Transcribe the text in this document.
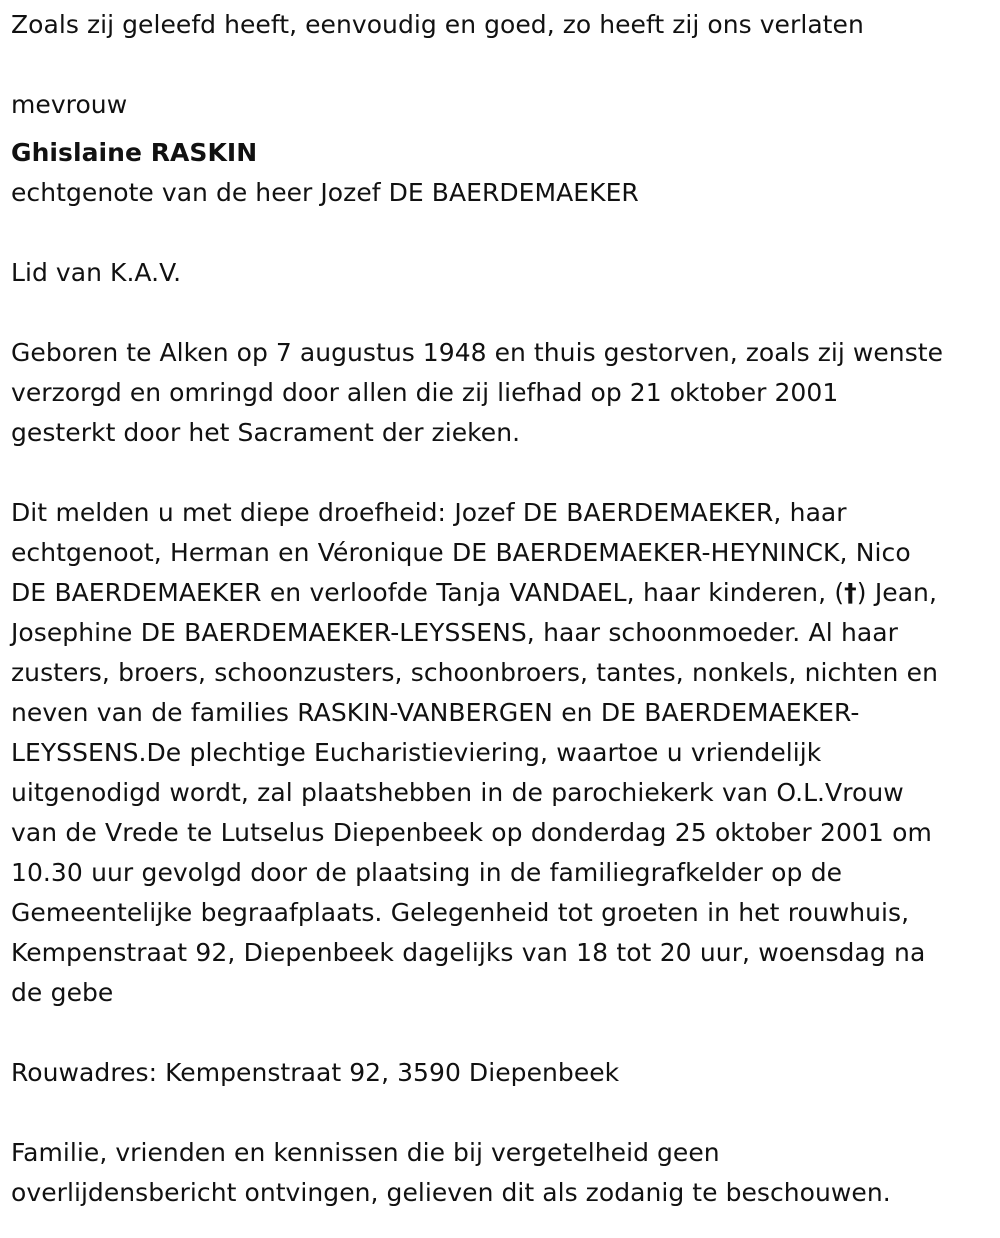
Zoals zij geleefd heeft, eenvoudig en goed, zo heeft zij ons verlaten

mevrouw

Ghislaine RASKIN

echtgenote van de heer Jozef DE BAERDEMAEKER

Lid van K.A.V.

Geboren te Alken op 7 augustus 1948 en thuis gestorven, zoals zij wenste

verzorgd en omringd door allen die zij liefhad op 21 oktober 2001

gesterkt door het Sacrament der zieken.

Dit melden u met diepe droefheid: Jozef DE BAERDEMAEKER, haar

echtgenoot, Herman en Véronique DE BAERDEMAEKER-HEYNINCK, Nico

DE BAERDEMAEKER en verloofde Tanja VANDAEL, haar kinderen, (†) Jean,

Josephine DE BAERDEMAEKER-LEYSSENS, haar schoonmoeder. Al haar

zusters, broers, schoonzusters, schoonbroers, tantes, nonkels, nichten en

neven van de families RASKIN-VANBERGEN en DE BAERDEMAEKER-

LEYSSENS.De plechtige Eucharistieviering, waartoe u vriendelijk

uitgenodigd wordt, zal plaatshebben in de parochiekerk van O.L.Vrouw

van de Vrede te Lutselus Diepenbeek op donderdag 25 oktober 2001 om

10.30 uur gevolgd door de plaatsing in de familiegrafkelder op de

Gemeentelijke begraafplaats. Gelegenheid tot groeten in het rouwhuis,

Kempenstraat 92, Diepenbeek dagelijks van 18 tot 20 uur, woensdag na

de gebe

Rouwadres: Kempenstraat 92, 3590 Diepenbeek

Familie, vrienden en kennissen die bij vergetelheid geen

overlijdensbericht ontvingen, gelieven dit als zodanig te beschouwen.
